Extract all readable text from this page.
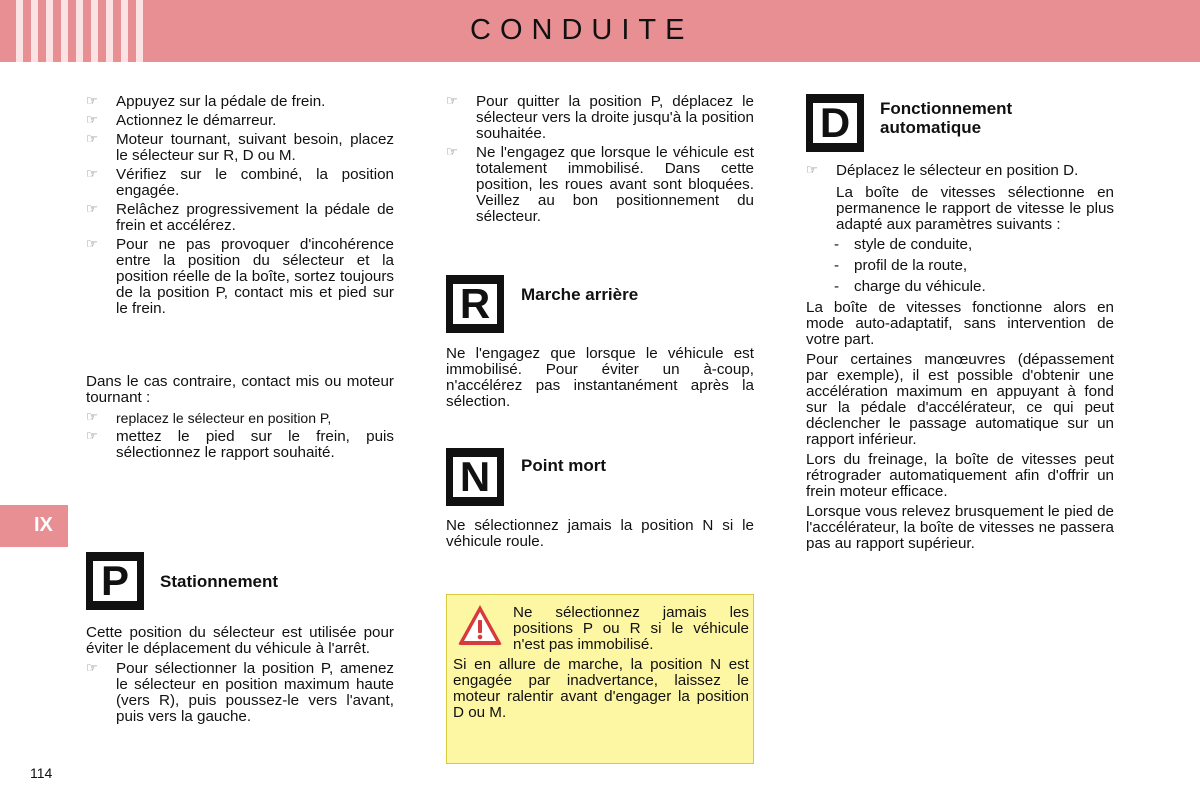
CONDUITE
☞ Appuyez sur la pédale de frein.
☞ Actionnez le démarreur.
☞ Moteur tournant, suivant besoin, placez le sélecteur sur R, D ou M.
☞ Vérifiez sur le combiné, la position engagée.
☞ Relâchez progressivement la pédale de frein et accélérez.
☞ Pour ne pas provoquer d'incohérence entre la position du sélecteur et la position réelle de la boîte, sortez toujours de la position P, contact mis et pied sur le frein.
Dans le cas contraire, contact mis ou moteur tournant :
☞ replacez le sélecteur en position P,
☞ mettez le pied sur le frein, puis sélectionnez le rapport souhaité.
P	Stationnement
Cette position du sélecteur est utilisée pour éviter le déplacement du véhicule à l'arrêt.
☞ Pour sélectionner la position P, amenez le sélecteur en position maximum haute (vers R), puis poussez-le vers l'avant, puis vers la gauche.
☞ Pour quitter la position P, déplacez le sélecteur vers la droite jusqu'à la position souhaitée.
☞ Ne l'engagez que lorsque le véhicule est totalement immobilisé. Dans cette position, les roues avant sont bloquées. Veillez au bon positionnement du sélecteur.
R	Marche arrière
Ne l'engagez que lorsque le véhicule est immobilisé. Pour éviter un à-coup, n'accélérez pas instantanément après la sélection.
N	Point mort
Ne sélectionnez jamais la position N si le véhicule roule.
Ne sélectionnez jamais les positions P ou R si le véhicule n'est pas immobilisé.
Si en allure de marche, la position N est engagée par inadvertance, laissez le moteur ralentir avant d'engager la position D ou M.
D	Fonctionnement
automatique
☞ Déplacez le sélecteur en position D.
La boîte de vitesses sélectionne en permanence le rapport de vitesse le plus adapté aux paramètres suivants :
- style de conduite,
- profil de la route,
- charge du véhicule.
La boîte de vitesses fonctionne alors en mode auto-adaptatif, sans intervention de votre part.
Pour certaines manœuvres (dépassement par exemple), il est possible d'obtenir une accélération maximum en appuyant à fond sur la pédale d'accélérateur, ce qui peut déclencher le passage automatique sur un rapport inférieur.
Lors du freinage, la boîte de vitesses peut rétrograder automatiquement afin d'offrir un frein moteur efficace.
Lorsque vous relevez brusquement le pied de l'accélérateur, la boîte de vitesses ne passera pas au rapport supérieur.
IX
114
